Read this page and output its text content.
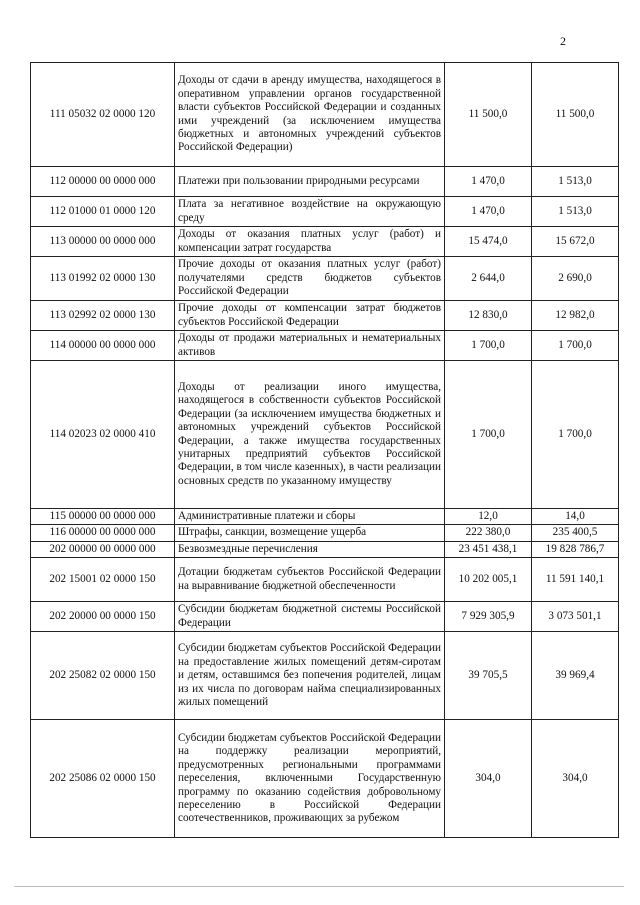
2
111 05032 02 0000 120	Доходы от сдачи в аренду имущества, находящегося в оперативном управлении органов государственной власти субъектов Российской Федерации и созданных ими учреждений (за исключением имущества бюджетных и автономных учреждений субъектов Российской Федерации)	11 500,0	11 500,0
112 00000 00 0000 000	Платежи при пользовании природными ресурсами	1 470,0	1 513,0
112 01000 01 0000 120	Плата за негативное воздействие на окружающую среду	1 470,0	1 513,0
113 00000 00 0000 000	Доходы от оказания платных услуг (работ) и компенсации затрат государства	15 474,0	15 672,0
113 01992 02 0000 130	Прочие доходы от оказания платных услуг (работ) получателями средств бюджетов субъектов Российской Федерации	2 644,0	2 690,0
113 02992 02 0000 130	Прочие доходы от компенсации затрат бюджетов субъектов Российской Федерации	12 830,0	12 982,0
114 00000 00 0000 000	Доходы от продажи материальных и нематериальных активов	1 700,0	1 700,0
114 02023 02 0000 410	Доходы от реализации иного имущества, находящегося в собственности субъектов Российской Федерации (за исключением имущества бюджетных и автономных учреждений субъектов Российской Федерации, а также имущества государственных унитарных предприятий субъектов Российской Федерации, в том числе казенных), в части реализации основных средств по указанному имуществу	1 700,0	1 700,0
115 00000 00 0000 000	Административные платежи и сборы	12,0	14,0
116 00000 00 0000 000	Штрафы, санкции, возмещение ущерба	222 380,0	235 400,5
202 00000 00 0000 000	Безвозмездные перечисления	23 451 438,1	19 828 786,7
202 15001 02 0000 150	Дотации бюджетам субъектов Российской Федерации на выравнивание бюджетной обеспеченности	10 202 005,1	11 591 140,1
202 20000 00 0000 150	Субсидии бюджетам бюджетной системы Российской Федерации	7 929 305,9	3 073 501,1
202 25082 02 0000 150	Субсидии бюджетам субъектов Российской Федерации на предоставление жилых помещений детям-сиротам и детям, оставшимся без попечения родителей, лицам из их числа по договорам найма специализированных жилых помещений	39 705,5	39 969,4
202 25086 02 0000 150	Субсидии бюджетам субъектов Российской Федерации на поддержку реализации мероприятий, предусмотренных региональными программами переселения, включенными Государственную программу по оказанию содействия добровольному переселению в Российской Федерации соотечественников, проживающих за рубежом	304,0	304,0
